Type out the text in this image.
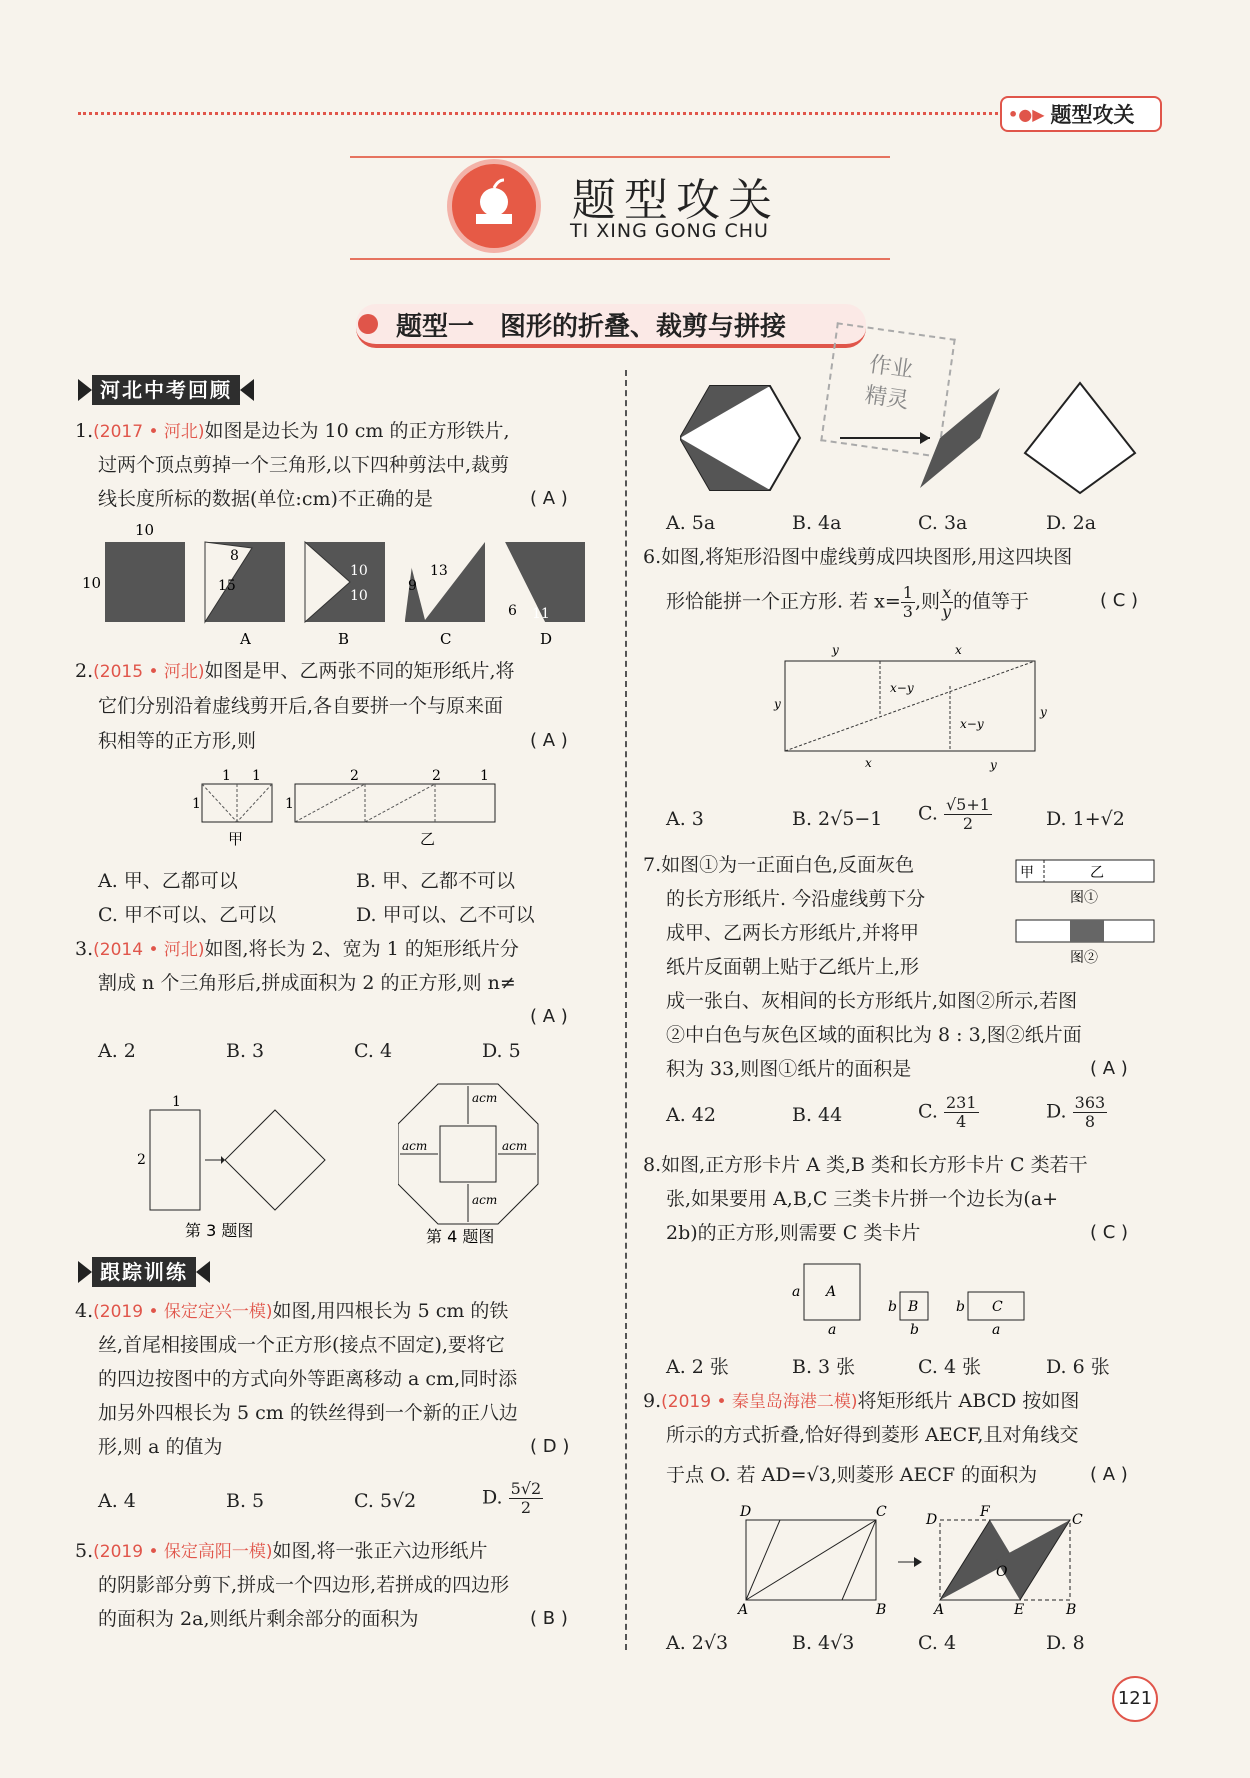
•●▶ 题型攻关
题型攻关
TI XING GONG CHU
题型一　图形的折叠、裁剪与拼接
作业
精灵
河北中考回顾
1.(2017 • 河北)如图是边长为 10 cm 的正方形铁片,
过两个顶点剪掉一个三角形,以下四种剪法中,裁剪
线长度所标的数据(单位:cm)不正确的是	( A )
10
10
8
15
10
10
9
13
6 11
A	B	C	D
2.(2015 • 河北)如图是甲、乙两张不同的矩形纸片,将
它们分别沿着虚线剪开后,各自要拼一个与原来面
积相等的正方形,则	( A )
1 1
1
甲
2	2	1
1
乙
A. 甲、乙都可以	B. 甲、乙都不可以
C. 甲不可以、乙可以	D. 甲可以、乙不可以
3.(2014 • 河北)如图,将长为 2、宽为 1 的矩形纸片分
割成 n 个三角形后,拼成面积为 2 的正方形,则 n≠
( A )
A. 2	B. 3	C. 4	D. 5
1
2
第 3 题图
acm
acm	acm
acm
第 4 题图
跟踪训练
4.(2019 • 保定定兴一模)如图,用四根长为 5 cm 的铁
丝,首尾相接围成一个正方形(接点不固定),要将它
的四边按图中的方式向外等距离移动 a cm,同时添
加另外四根长为 5 cm 的铁丝得到一个新的正八边
形,则 a 的值为	( D )
A. 4	B. 5	C. 5√2	D. $\frac{5√2}{2}$
5.(2019 • 保定高阳一模)如图,将一张正六边形纸片
的阴影部分剪下,拼成一个四边形,若拼成的四边形
的面积为 2a,则纸片剩余部分的面积为	( B )
A. 5a	B. 4a	C. 3a	D. 2a
6.如图,将矩形沿图中虚线剪成四块图形,用这四块图
形恰能拼一个正方形. 若 $x= \frac{1}{3}$ ,则 $\frac{x}{y}$ 的值等于	( C )
y	x
y
x−y
x−y
y
x	y
A. 3	B. 2√5−1 C. $\frac{√5+1}{2}$	D. 1+√2
7.如图①为一正面白色,反面灰色
的长方形纸片. 今沿虚线剪下分
成甲、乙两长方形纸片,并将甲
纸片反面朝上贴于乙纸片上,形
成一张白、灰相间的长方形纸片,如图②所示,若图
②中白色与灰色区域的面积比为 8 : 3,图②纸片面
积为 33,则图①纸片的面积是	( A )
甲	乙
图①
图②
A. 42	B. 44	C. $\frac{231}{4}$	D. $\frac{363}{8}$
8.如图,正方形卡片 A 类,B 类和长方形卡片 C 类若干
张,如果要用 A,B,C 三类卡片拼一个边长为(a+
2b)的正方形,则需要 C 类卡片	( C )
a A
a
b B
b
b C
a
A. 2 张	B. 3 张	C. 4 张	D. 6 张
9.(2019 • 秦皇岛海港二模)将矩形纸片 ABCD 按如图
所示的方式折叠,恰好得到菱形 AECF,且对角线交
于点 O. 若 AD=√3,则菱形 AECF 的面积为	( A )
D	C
A	B
D	F	C
O
A	E	B
A. 2√3	B. 4√3	C. 4	D. 8
121
